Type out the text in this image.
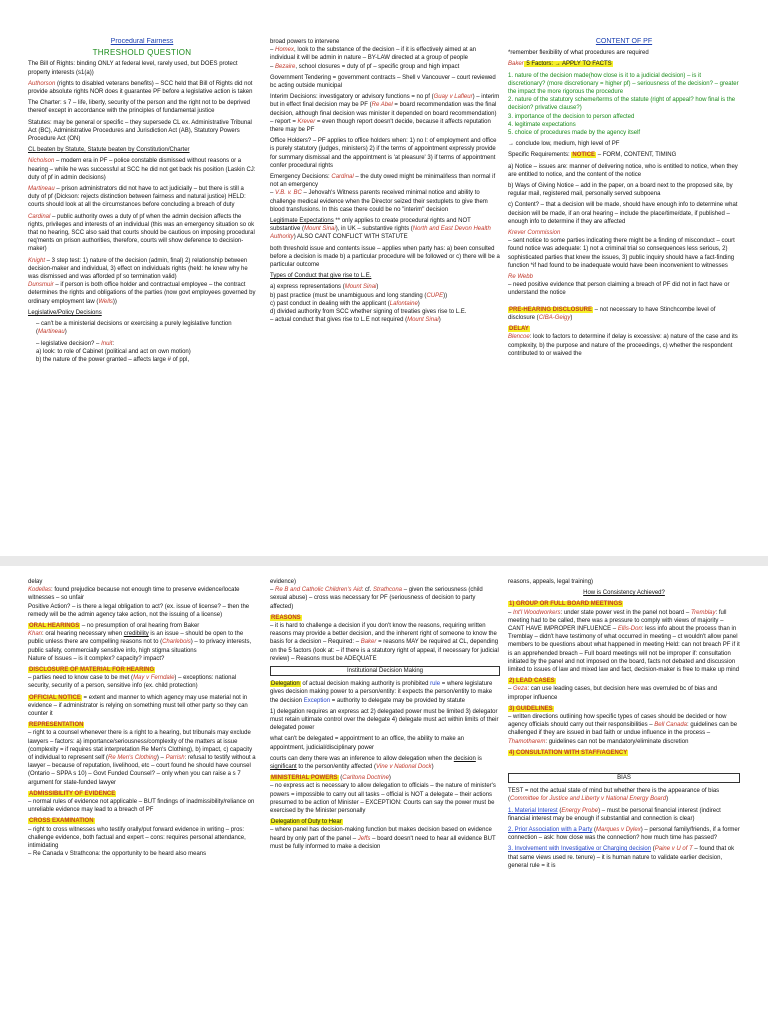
Procedural Fairness

THRESHOLD QUESTION

The Bill of Rights: binding ONLY at federal level, rarely used, but DOES protect property interests (s1(a))

Authorson (rights to disabled veterans benefits) – SCC held that Bill of Rights did not provide absolute rights NOR does it guarantee PF before a legislative action is taken

The Charter: s 7 – life, liberty, security of the person and the right not to be deprived thereof except in accordance with the principles of fundamental justice

Statutes: may be general or specific – they supersede CL ex. Administrative Tribunal Act (BC), Administrative Procedures and Jurisdiction Act (AB), Statutory Powers Procedure Act (ON)

CL beaten by Statute, Statute beaten by Constitution/Charter

Nicholson – modern era in PF – police constable dismissed without reasons or a hearing – while he was successful at SCC he did not get back his position (Laskin CJ: duty of pf in admin decisions)

Martineau – prison administrators did not have to act judicially – but there is still a duty of pf (Dickson: rejects distinction between fairness and natural justice) HELD: courts should look at all the circumstances before concluding a breach of duty

Cardinal – public authority owes a duty of pf when the admin decision affects the rights, privileges and interests of an individual (this was an emergency situation so ok that no hearing, SCC also said that courts should be cautious on imposing procedural req'ments on prison authorities, therefore, courts will show deference to decision-maker)

Knight – 3 step test: 1) nature of the decision (admin, final) 2) relationship between decision-maker and individual, 3) effect on individuals rights (held: he knew why he was dismissed and was afforded pf so termination valid)
Dunsmuir – if person is both office holder and contractual employee – the contract determines the rights and obligations of the parties (now govt employees governed by ordinary employment law (Wells))

Legislative/Policy Decisions

– can't be a ministerial decisions or exercising a purely legislative function (Martineau)

– legislative decision? – Inuit:
a) look: to role of Cabinet (political and act on own motion)
b) the nature of the power granted – affects large # of ppl,

broad powers to intervene
– Homex, look to the substance of the decision – if it is effectively aimed at an individual it will be admin in nature – BY-LAW directed at a group of people
– Bezaire, school closures = duty of pf – specific group and high impact

Government Tendering = government contracts – Shell v Vancouver – court reviewed bc acting outside municipal

Interim Decisions: investigatory or advisory functions = no pf (Guay v Lafleur) – interim but in effect final decision may be PF (Re Abel = board recommendation was the final decision, although final decision was minister it depended on board recommendation) – report = Krever = even though report doesn't decide, because it affects reputation there may be PF

Office Holders? – PF applies to office holders when: 1) no l: of employment and office is purely statutory (judges, ministers) 2) if the terms of appointment expressly provide for summary dismissal and the appointment is 'at pleasure' 3) if terms of appointment confer procedural rights

Emergency Decisions: Cardinal – the duty owed might be minimal/less than normal if not an emergency
– V.B. v. BC – Jehovah's Witness parents received minimal notice and ability to challenge medical evidence when the Director seized their sextuplets to give them blood transfusions. In this case there could be no "interim" decision

Legitimate Expectations ** only applies to create procedural rights and NOT substantive (Mount Sinai), in UK – substantive rights (North and East Devon Health Authority) ALSO CANT CONFLICT WITH STATUTE

both threshold issue and contents issue – applies when party has: a) been consulted before a decision is made b) a particular procedure will be followed or c) there will be a particular outcome

Types of Conduct that give rise to L.E.

a) express representations (Mount Sinai)
b) past practice (must be unambiguous and long standing (CUPE))
c) past conduct in dealing with the applicant (Lafontaine)
d) divided authority from SCC whether signing of treaties gives rise to L.E.
– actual conduct that gives rise to L.E not required (Mount Sinai)

CONTENT OF PF

*remember flexibility of what procedures are required

Baker 5 Factors: → APPLY TO FACTS

1. nature of the decision made(how close is it to a judicial decision) – is it discretionary? (more discretionary = higher pf) – seriousness of the decision? – greater the impact the more rigorous the procedure
2. nature of the statutory scheme/terms of the statute (right of appeal? how final is the decision? privative clause?)
3. importance of the decision to person affected
4. legitimate expectations
5. choice of procedures made by the agency itself

→ conclude low, medium, high level of PF

Specific Requirements: NOTICE – FORM, CONTENT, TIMING

a) Notice – issues are: manner of delivering notice, who is entitled to notice, when they are entitled to notice, and the content of the notice

b) Ways of Giving Notice – add in the paper, on a board next to the proposed site, by regular mail, registered mail, personally served subpoena

c) Content? – that a decision will be made, should have enough info to determine what decision will be made, if an oral hearing – include the place/time/date, if published – enough info to determine if they are affected

Krever Commission
– sent notice to some parties indicating there might be a finding of misconduct – court found notice was adequate: 1) not a criminal trial so consequences less serious, 2) sophisticated parties that knew the issues, 3) public inquiry should have a fact-finding function *if had found to be inadequate would have been inconvenient to witnesses

Re Webb
– need positive evidence that person claiming a breach of PF did not in fact have or understand the notice

PRE-HEARING DISCLOSURE – not necessary to have Stinchcombe level of disclosure (CIBA-Geigy)

DELAY
Blencoe: look to factors to determine if delay is excessive: a) nature of the case and its complexity, b) the purpose and nature of the proceedings, c) whether the respondent contributed to or waived the

delay
Kodellas: found prejudice because not enough time to preserve evidence/locate witnesses – so unfair
Positive Action? – is there a legal obligation to act? (ex. issue of license? – then the remedy will be the admin agency take action, not the issuing of a license)

ORAL HEARINGS – no presumption of oral hearing from Baker
Khan: oral hearing necessary when credibility is an issue – should be open to the public unless there are compelling reasons not to (Charlebois) – to privacy interests, public safety, commercially sensitive info, high stigma situations
Nature of Issues – is it complex? capacity? impact?

DISCLOSURE OF MATERIAL FOR HEARING
– parties need to know case to be met (May v Ferndale) – exceptions: national security, security of a person, sensitive info (ex. child protection)

OFFICIAL NOTICE = extent and manner to which agency may use material not in evidence – if administrator is relying on something must tell other party so they can counter it

REPRESENTATION
– right to a counsel whenever there is a right to a hearing, but tribunals may exclude lawyers – factors: a) importance/seriousness/complexity of the matters at issue (complexity = if requires stat interpretation Re Men's Clothing), b) impact, c) capacity of individual to represent self (Re Men's Clothing) – Parrish: refusal to testify without a lawyer – because of reputation, livelihood, etc – court found he should have counsel (Ontario – SPPA s 10) – Govt Funded Counsel? – only when you can raise a s 7 argument for state-funded lawyer

ADMISSIBILITY OF EVIDENCE
– normal rules of evidence not applicable – BUT findings of inadmissibility/reliance on unreliable evidence may lead to a breach of PF

CROSS EXAMINATION
– right to cross witnesses who testify orally/put forward evidence in writing – pros: challenge evidence, both factual and expert – cons: requires personal attendance, intimidating
– Re Canada v Strathcona: the opportunity to be heard also means

evidence)
– Re B and Catholic Children's Aid: cf. Strathcona – given the seriousness (child sexual abuse) – cross was necessary for PF (seriousness of decision to party affected)

REASONS
– it is hard to challenge a decision if you don't know the reasons, requiring written reasons may provide a better decision, and the inherent right of someone to know the basis for a decision – Required: – Baker = reasons MAY be required at CL, depending on the 5 factors (look at: – if there is a statutory right of appeal, if necessary for judicial review) – Reasons must be ADEQUATE

Institutional Decision Making

Delegation of actual decision making authority is prohibited rule = where legislature gives decision making power to a person/entity: it expects the person/entity to make the decision Exception = authority to delegate may be provided by statute

1) delegation requires an express act 2) delegated power must be limited 3) delegator must retain ultimate control over the delegate 4) delegate must act within limits of their delegated power

what can't be delegated = appointment to an office, the ability to make an appointment, judicial/disciplinary power

courts can deny there was an inference to allow delegation when the decision is significant to the person/entity affected (Vine v National Dock)

MINISTERIAL POWERS (Carltona Doctrine)
– no express act is necessary to allow delegation to officials – the nature of minister's powers = impossible to carry out all tasks – official is NOT a delegate – their actions presumed to be action of Minister – EXCEPTION: Courts can say the power must be exercised by the Minister personally

Delegation of Duty to Hear
– where panel has decision-making function but makes decision based on evidence heard by only part of the panel – Jeffs – board doesn't need to hear all evidence BUT must be fully informed to make a decision

reasons, appeals, legal training)

How is Consistency Achieved?

1) GROUP OR FULL BOARD MEETINGS
– Int'l Woodworkers: under state power vest in the panel not board – Tremblay: full meeting had to be called, there was a pressure to comply with views of majority – CANT HAVE IMPROPER INFLUENCE – Ellis-Don: less info about the process than in Tremblay – didn't have testimony of what occurred in meeting – ct wouldn't allow panel members to be questions about what happened in meeting Held: can not breach PF if it is an apprehended breach – Full board meetings will not be improper if: consultation initiated by the panel and not imposed on the board, facts not debated and discussion limited to issues of law and mixed law and fact, decision-maker is free to make up mind

2) LEAD CASES
– Geza: can use leading cases, but decision here was overruled bc of bias and improper influence

3) GUIDELINES
– written directions outlining how specific types of cases should be decided or how agency officials should carry out their responsibilities – Bell Canada: guidelines can be challenged if they are issued in bad faith or undue influence in the process – Thamotharem: guidelines can not be mandatory/eliminate discretion

4) CONSULTATION WITH STAFF/AGENCY

BIAS

TEST = not the actual state of mind but whether there is the appearance of bias (Committee for Justice and Liberty v National Energy Board)

1. Material Interest (Energy Probe) – must be personal financial interest (indirect financial interest may be enough if substantial and connection is clear)

2. Prior Association with a Party (Marques v Dylex) – personal family/friends, if a former connection – ask: how close was the connection? how much time has passed?

3. Involvement with Investigative or Charging decision (Paine v U of T – found that ok that same views used re. tenure) – it is human nature to validate earlier decision, general rule = it is
